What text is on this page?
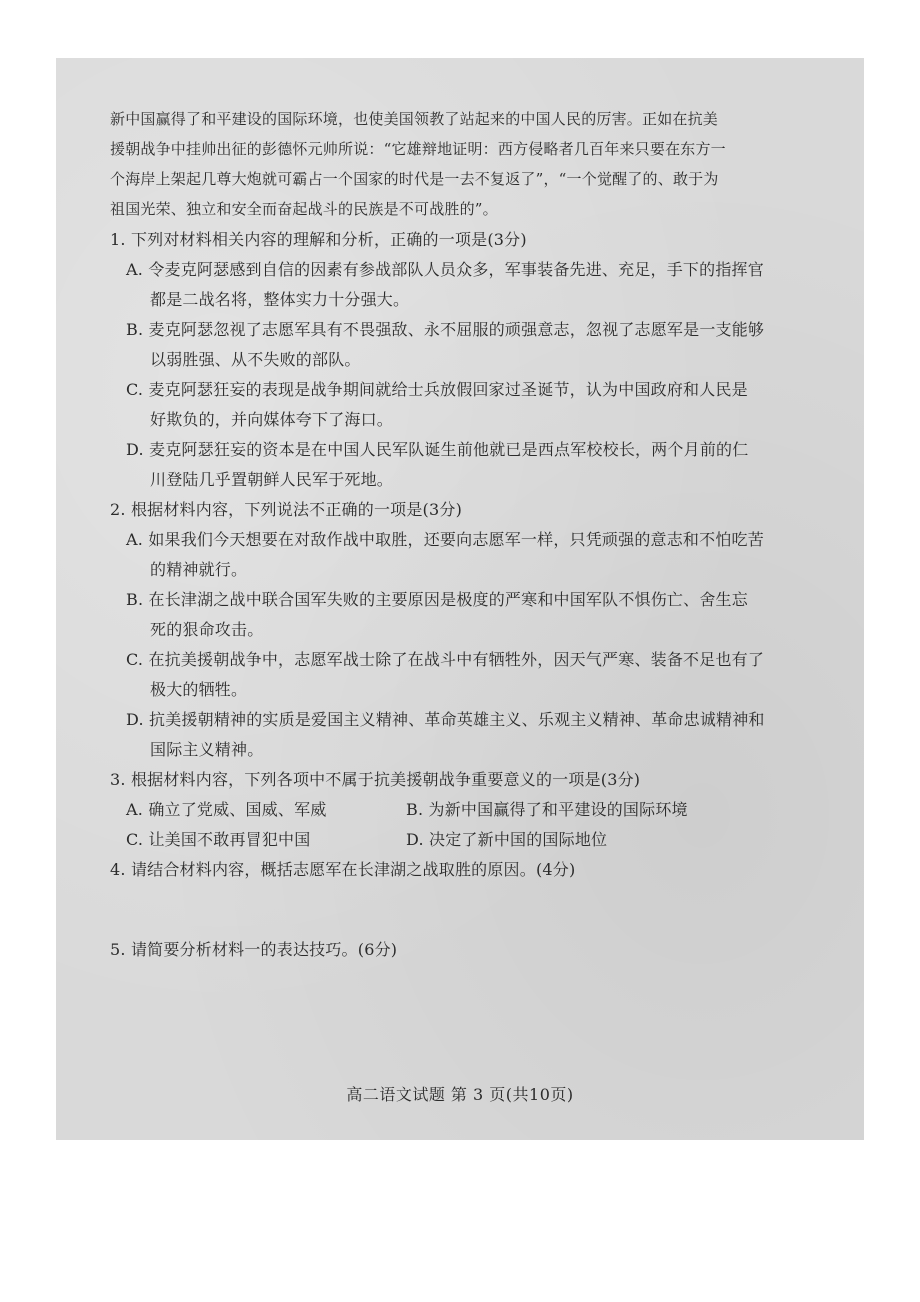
新中国赢得了和平建设的国际环境，也使美国领教了站起来的中国人民的厉害。正如在抗美
援朝战争中挂帅出征的彭德怀元帅所说：“它雄辩地证明：西方侵略者几百年来只要在东方一
个海岸上架起几尊大炮就可霸占一个国家的时代是一去不复返了”，“一个觉醒了的、敢于为
祖国光荣、独立和安全而奋起战斗的民族是不可战胜的”。
1. 下列对材料相关内容的理解和分析，正确的一项是(3分)
A. 令麦克阿瑟感到自信的因素有参战部队人员众多，军事装备先进、充足，手下的指挥官
都是二战名将，整体实力十分强大。
B. 麦克阿瑟忽视了志愿军具有不畏强敌、永不屈服的顽强意志，忽视了志愿军是一支能够
以弱胜强、从不失败的部队。
C. 麦克阿瑟狂妄的表现是战争期间就给士兵放假回家过圣诞节，认为中国政府和人民是
好欺负的，并向媒体夸下了海口。
D. 麦克阿瑟狂妄的资本是在中国人民军队诞生前他就已是西点军校校长，两个月前的仁
川登陆几乎置朝鲜人民军于死地。
2. 根据材料内容，下列说法不正确的一项是(3分)
A. 如果我们今天想要在对敌作战中取胜，还要向志愿军一样，只凭顽强的意志和不怕吃苦
的精神就行。
B. 在长津湖之战中联合国军失败的主要原因是极度的严寒和中国军队不惧伤亡、舍生忘
死的狠命攻击。
C. 在抗美援朝战争中，志愿军战士除了在战斗中有牺牲外，因天气严寒、装备不足也有了
极大的牺牲。
D. 抗美援朝精神的实质是爱国主义精神、革命英雄主义、乐观主义精神、革命忠诚精神和
国际主义精神。
3. 根据材料内容，下列各项中不属于抗美援朝战争重要意义的一项是(3分)
A. 确立了党威、国威、军威	B. 为新中国赢得了和平建设的国际环境
C. 让美国不敢再冒犯中国	D. 决定了新中国的国际地位
4. 请结合材料内容，概括志愿军在长津湖之战取胜的原因。(4分)
5. 请简要分析材料一的表达技巧。(6分)
高二语文试题 第 3 页(共10页)
